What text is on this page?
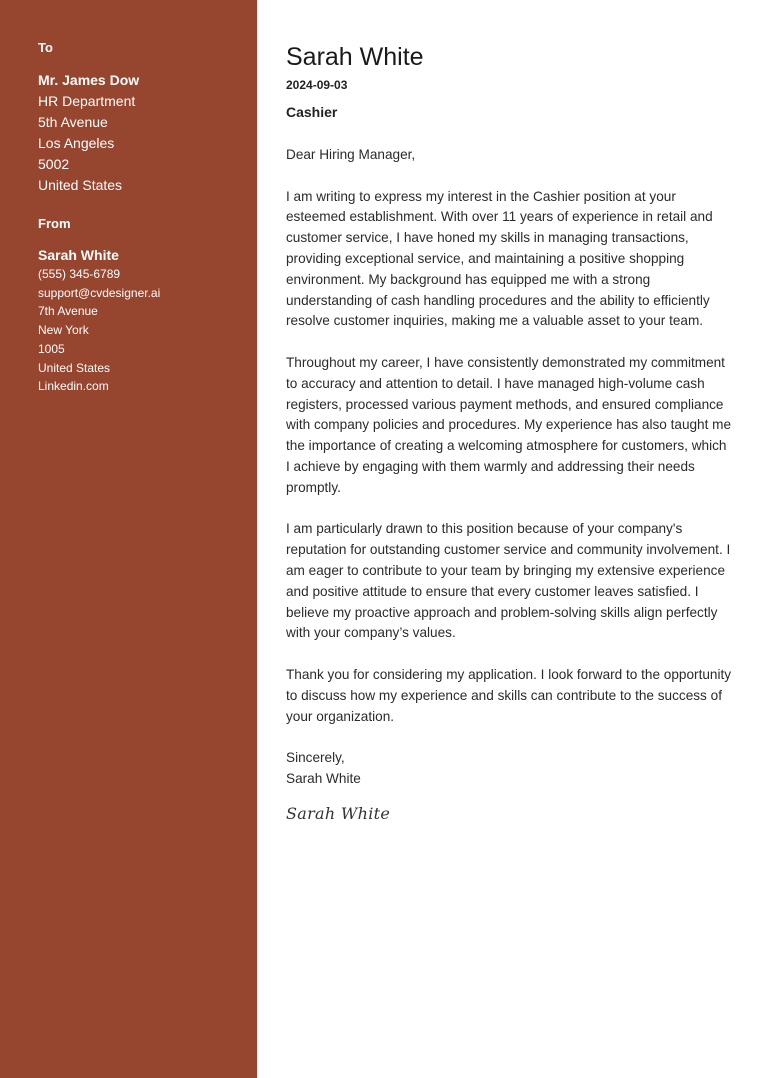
To
Mr. James Dow
HR Department
5th Avenue
Los Angeles
5002
United States
From
Sarah White
(555) 345-6789
support@cvdesigner.ai
7th Avenue
New York
1005
United States
Linkedin.com
Sarah White
2024-09-03
Cashier
Dear Hiring Manager,
I am writing to express my interest in the Cashier position at your esteemed establishment. With over 11 years of experience in retail and customer service, I have honed my skills in managing transactions, providing exceptional service, and maintaining a positive shopping environment. My background has equipped me with a strong understanding of cash handling procedures and the ability to efficiently resolve customer inquiries, making me a valuable asset to your team.
Throughout my career, I have consistently demonstrated my commitment to accuracy and attention to detail. I have managed high-volume cash registers, processed various payment methods, and ensured compliance with company policies and procedures. My experience has also taught me the importance of creating a welcoming atmosphere for customers, which I achieve by engaging with them warmly and addressing their needs promptly.
I am particularly drawn to this position because of your company's reputation for outstanding customer service and community involvement. I am eager to contribute to your team by bringing my extensive experience and positive attitude to ensure that every customer leaves satisfied. I believe my proactive approach and problem-solving skills align perfectly with your company’s values.
Thank you for considering my application. I look forward to the opportunity to discuss how my experience and skills can contribute to the success of your organization.
Sincerely,
Sarah White
Sarah White
